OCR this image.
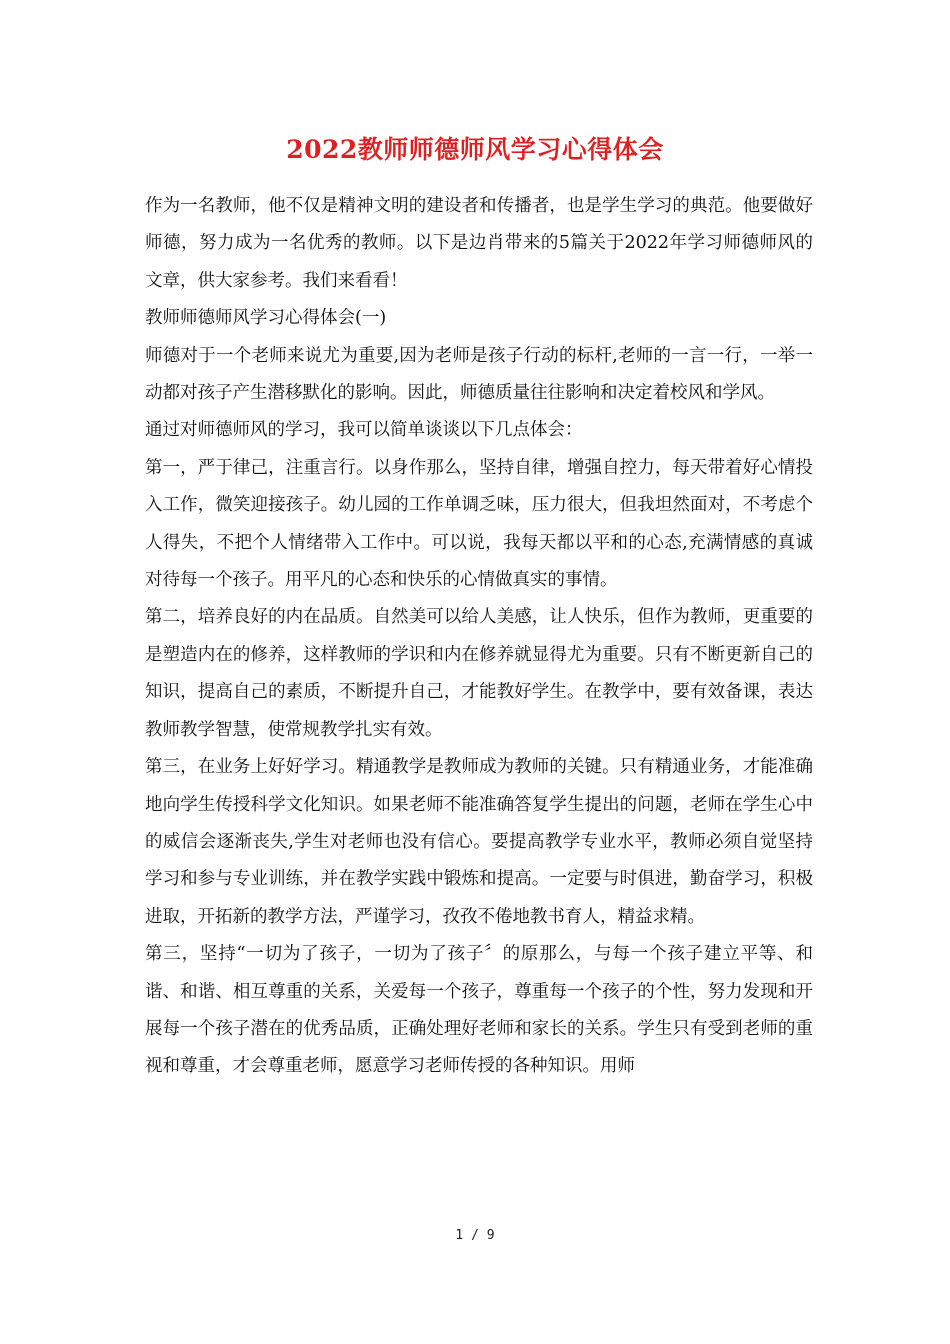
2022教师师德师风学习心得体会

作为一名教师，他不仅是精神文明的建设者和传播者，也是学生学习的典范。他要做好师德，努力成为一名优秀的教师。以下是边肖带来的5篇关于2022年学习师德师风的文章，供大家参考。我们来看看！

教师师德师风学习心得体会(一)

师德对于一个老师来说尤为重要,因为老师是孩子行动的标杆,老师的一言一行，一举一动都对孩子产生潜移默化的影响。因此，师德质量往往影响和决定着校风和学风。

通过对师德师风的学习，我可以简单谈谈以下几点体会：

第一，严于律己，注重言行。以身作那么，坚持自律，增强自控力，每天带着好心情投入工作，微笑迎接孩子。幼儿园的工作单调乏味，压力很大，但我坦然面对，不考虑个人得失，不把个人情绪带入工作中。可以说，我每天都以平和的心态,充满情感的真诚对待每一个孩子。用平凡的心态和快乐的心情做真实的事情。

第二，培养良好的内在品质。自然美可以给人美感，让人快乐，但作为教师，更重要的是塑造内在的修养，这样教师的学识和内在修养就显得尤为重要。只有不断更新自己的知识，提高自己的素质，不断提升自己，才能教好学生。在教学中，要有效备课，表达教师教学智慧，使常规教学扎实有效。

第三，在业务上好好学习。精通教学是教师成为教师的关键。只有精通业务，才能准确地向学生传授科学文化知识。如果老师不能准确答复学生提出的问题，老师在学生心中的威信会逐渐丧失,学生对老师也没有信心。要提高教学专业水平，教师必须自觉坚持学习和参与专业训练，并在教学实践中锻炼和提高。一定要与时俱进，勤奋学习，积极进取，开拓新的教学方法，严谨学习，孜孜不倦地教书育人，精益求精。

第三，坚持“一切为了孩子，一切为了孩子〞的原那么，与每一个孩子建立平等、和谐、和谐、相互尊重的关系，关爱每一个孩子，尊重每一个孩子的个性，努力发现和开展每一个孩子潜在的优秀品质，正确处理好老师和家长的关系。学生只有受到老师的重视和尊重，才会尊重老师，愿意学习老师传授的各种知识。用师

1 / 9
